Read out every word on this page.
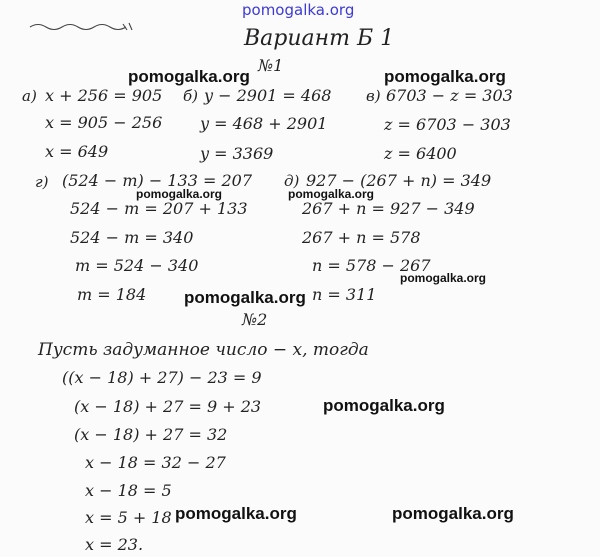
pomogalka.org
Вариант Б 1
№1
а) x + 256 = 905
x = 905 − 256
x = 649
б) y − 2901 = 468
y = 468 + 2901
y = 3369
в) 6703 − z = 303
z = 6703 − 303
z = 6400
г) (524 − m) − 133 = 207
524 − m = 207 + 133
524 − m = 340
m = 524 − 340
m = 184
д) 927 − (267 + n) = 349
267 + n = 927 − 349
267 + n = 578
n = 578 − 267
n = 311
№2
Пусть задуманное число − x, тогда
((x − 18) + 27) − 23 = 9
(x − 18) + 27 = 9 + 23
(x − 18) + 27 = 32
x − 18 = 32 − 27
x − 18 = 5
x = 5 + 18
x = 23.
pomogalka.org	pomogalka.org
pomogalka.org	pomogalka.org
pomogalka.org
pomogalka.org
pomogalka.org
pomogalka.org	pomogalka.org
